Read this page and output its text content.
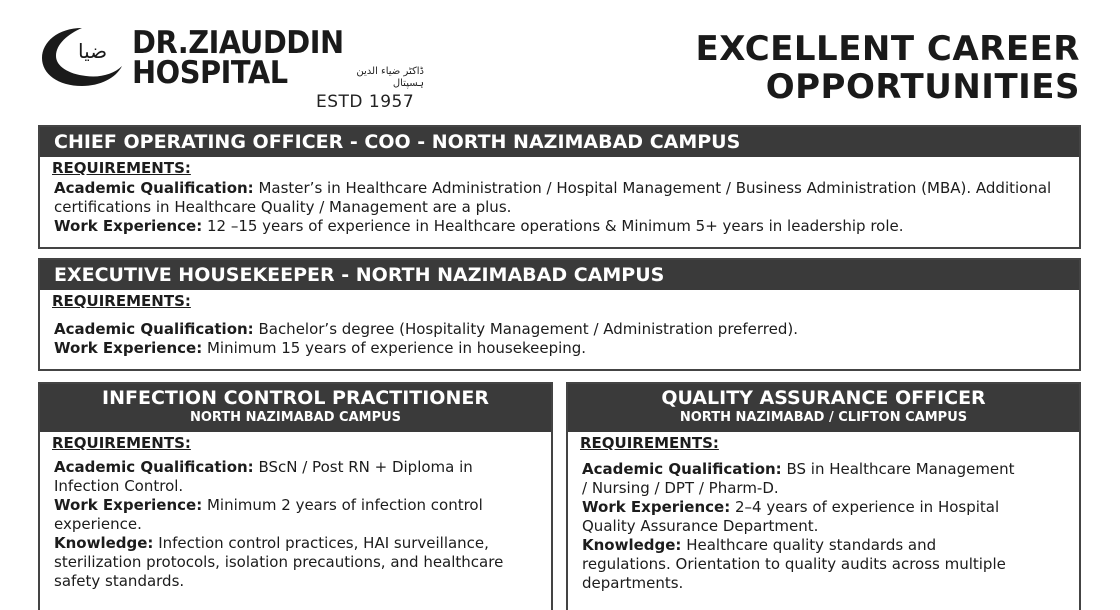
ﺿﻴﺎ DR.ZIAUDDIN
HOSPITAL	ڈاکٹر ضیاء الدین
ہسپتال
ESTD 1957
EXCELLENT CAREER
OPPORTUNITIES
CHIEF OPERATING OFFICER - COO - NORTH NAZIMABAD CAMPUS
REQUIREMENTS:

Academic Qualification: Master’s in Healthcare Administration / Hospital Management / Business Administration (MBA). Additional certifications in Healthcare Quality / Management are a plus.

Work Experience: 12 –15 years of experience in Healthcare operations & Minimum 5+ years in leadership role.

EXECUTIVE HOUSEKEEPER - NORTH NAZIMABAD CAMPUS
REQUIREMENTS:

Academic Qualification: Bachelor’s degree (Hospitality Management / Administration preferred).

Work Experience: Minimum 15 years of experience in housekeeping.

INFECTION CONTROL PRACTITIONER
NORTH NAZIMABAD CAMPUS
REQUIREMENTS:

Academic Qualification: BScN / Post RN + Diploma in Infection Control.

Work Experience: Minimum 2 years of infection control experience.

Knowledge: Infection control practices, HAI surveillance, sterilization protocols, isolation precautions, and healthcare safety standards.

QUALITY ASSURANCE OFFICER
NORTH NAZIMABAD / CLIFTON CAMPUS
REQUIREMENTS:

Academic Qualification: BS in Healthcare Management / Nursing / DPT / Pharm-D.

Work Experience: 2–4 years of experience in Hospital Quality Assurance Department.

Knowledge: Healthcare quality standards and regulations. Orientation to quality audits across multiple departments.
